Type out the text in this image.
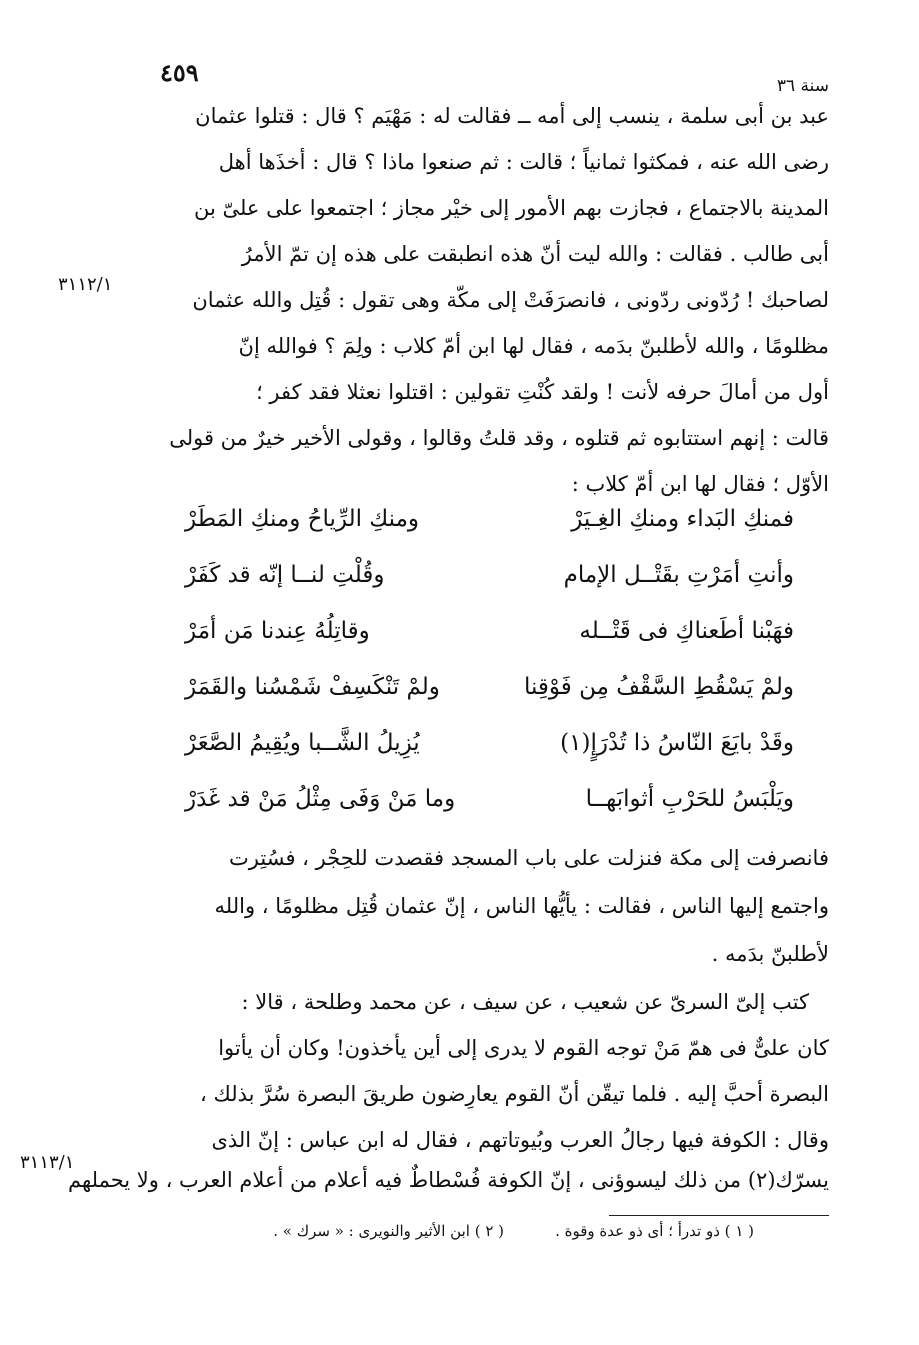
٤٥٩	سنة ٣٦
عبد بن أبى سلمة ، ينسب إلى أمه ــ فقالت له : مَهْيَم ؟ قال : قتلوا عثمان
رضى الله عنه ، فمكثوا ثمانياً ؛ قالت : ثم صنعوا ماذا ؟ قال : أخذَها أهل
المدينة بالاجتماع ، فجازت بهم الأمور إلى خيْر مجاز ؛ اجتمعوا على علىّ بن
أبى طالب . فقالت : والله ليت أنّ هذه انطبقت على هذه إن تمّ الأمرُ
لصاحبك ! رُدّونى ردّونى ، فانصرَفَتْ إلى مكّة وهى تقول : قُتِل والله عثمان
٣١١٢/١
مظلومًا ، والله لأطلبنّ بدَمه ، فقال لها ابن أمّ كلاب : ولِمَ ؟ فوالله إنّ
أول من أمالَ حرفه لأنت ! ولقد كُنْتِ تقولين : اقتلوا نعثلا فقد كفر ؛
قالت : إنهم استتابوه ثم قتلوه ، وقد قلتُ وقالوا ، وقولى الأخير خيرٌ من قولى
الأوّل ؛ فقال لها ابن أمّ كلاب :
فمنكِ البَداء ومنكِ الغِـيَرْ
ومنكِ الرِّياحُ ومنكِ المَطَرْ
وأنتِ أمَرْتِ بقَتْــل الإمام
وقُلْتِ لنــا إنّه قد كَفَرْ
فهَبْنا أطَعناكِ فى قَتْــله
وقاتِلُهُ عِندنا مَن أمَرْ
ولمْ يَسْقُطِ السَّقْفُ مِن فَوْقِنا
ولمْ تَنْكَسِفْ شَمْسُنا والقَمَرْ
وقَدْ بايَعَ النّاسُ ذا تُدْرَإٍ(١)
يُزِيلُ الشَّــبا ويُقِيمُ الصَّعَرْ
ويَلْبَسُ للحَرْبِ أثوابَهــا
وما مَنْ وَفَى مِثْلُ مَنْ قد غَدَرْ
فانصرفت إلى مكة فنزلت على باب المسجد فقصدت للحِجْر ، فسُتِرت
واجتمع إليها الناس ، فقالت : يأيُّها الناس ، إنّ عثمان قُتِل مظلومًا ، والله
لأطلبنّ بدَمه .
كتب إلىّ السرىّ عن شعيب ، عن سيف ، عن محمد وطلحة ، قالا :
كان علىٌّ فى همّ مَنْ توجه القوم لا يدرى إلى أين يأخذون! وكان أن يأتوا
البصرة أحبَّ إليه . فلما تيقّن أنّ القوم يعارِضون طريقَ البصرة سُرَّ بذلك ،
وقال : الكوفة فيها رجالُ العرب وبُيوتاتهم ، فقال له ابن عباس : إنّ الذى
يسرّك(٢) من ذلك ليسوؤنى ، إنّ الكوفة فُسْطاطٌ فيه أعلام من أعلام العرب ، ولا يحملهم
٣١١٣/١
( ١ ) ذو تدرأ ؛ أى ذو عدة وقوة .
( ٢ ) ابن الأثير والنويرى : « سرك » .
